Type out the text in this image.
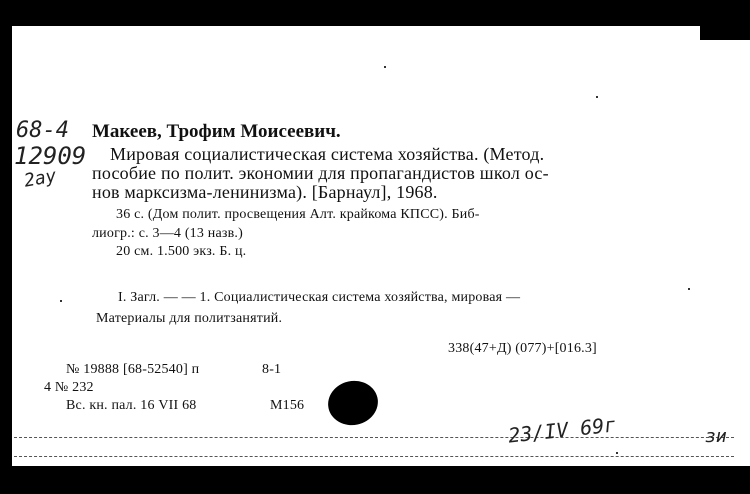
68-4
12909
2ау
Макеев, Трофим Моисеевич.
Мировая социалистическая система хозяйства. (Метод.
пособие по полит. экономии для пропагандистов школ ос-
нов марксизма-ленинизма). [Барнаул], 1968.
36 с. (Дом полит. просвещения Алт. крайкома КПСС). Биб-
лиогр.: с. 3—4 (13 назв.)
20 см. 1.500 экз. Б. ц.
I. Загл. — — 1. Социалистическая система хозяйства, мировая —
Материалы для политзанятий.
338(47+Д) (077)+[016.3]
№ 19888 [68-52540] п	8-1
4 № 232
Вс. кн. пал. 16 VII 68	М156
23/IV 69г	зи
